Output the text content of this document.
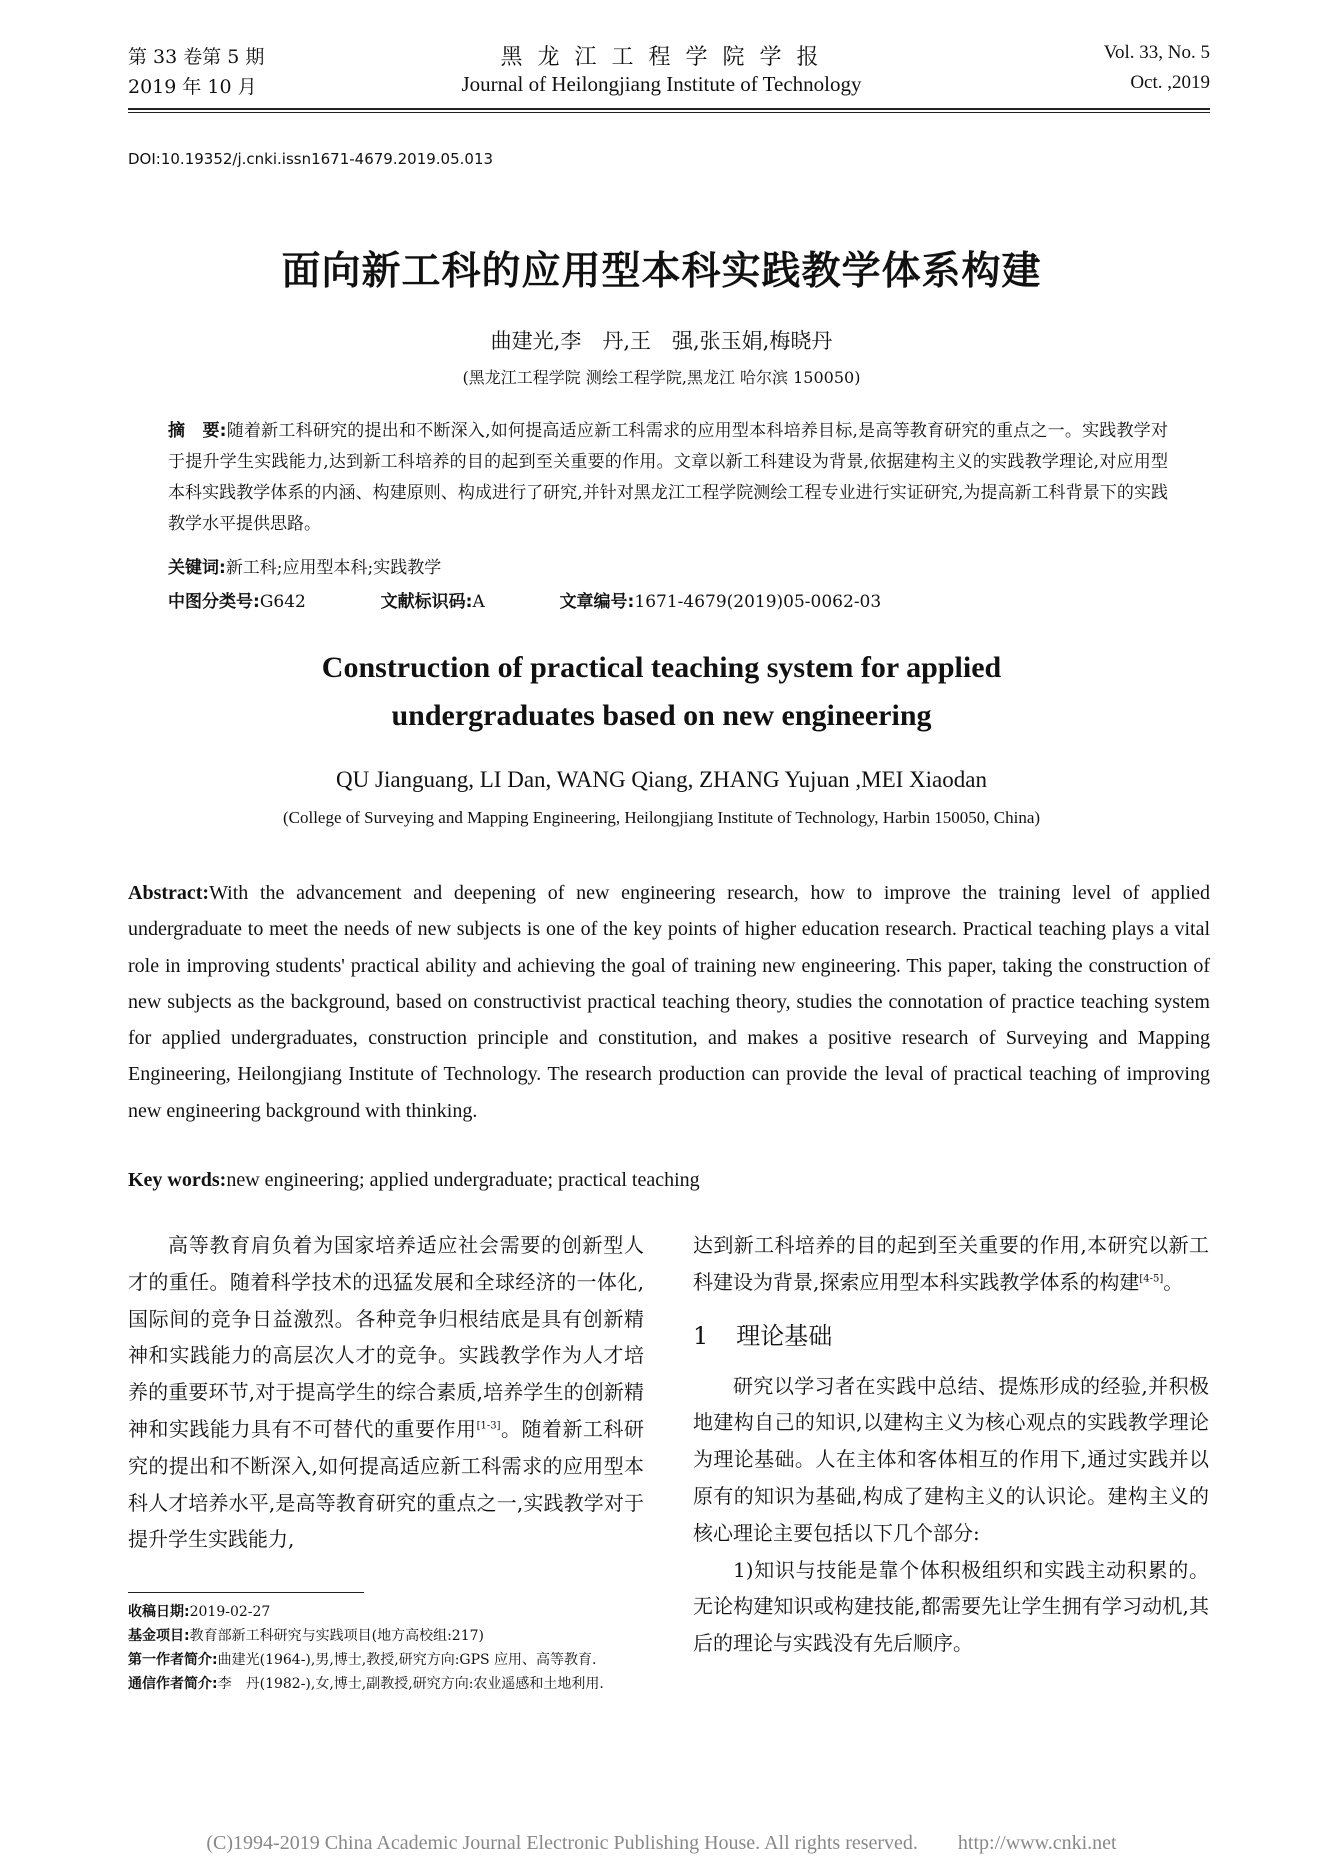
第 33 卷第 5 期
2019 年 10 月
黑 龙 江 工 程 学 院 学 报
Journal of Heilongjiang Institute of Technology
Vol. 33, No. 5
Oct. ,2019
DOI:10.19352/j.cnki.issn1671-4679.2019.05.013
面向新工科的应用型本科实践教学体系构建
曲建光,李　丹,王　强,张玉娟,梅晓丹
(黑龙江工程学院 测绘工程学院,黑龙江 哈尔滨 150050)
摘　要:随着新工科研究的提出和不断深入,如何提高适应新工科需求的应用型本科培养目标,是高等教育研究的重点之一。实践教学对于提升学生实践能力,达到新工科培养的目的起到至关重要的作用。文章以新工科建设为背景,依据建构主义的实践教学理论,对应用型本科实践教学体系的内涵、构建原则、构成进行了研究,并针对黑龙江工程学院测绘工程专业进行实证研究,为提高新工科背景下的实践教学水平提供思路。
关键词:新工科;应用型本科;实践教学
中图分类号:G642	文献标识码:A	文章编号:1671-4679(2019)05-0062-03
Construction of practical teaching system for applied
undergraduates based on new engineering
QU Jianguang, LI Dan, WANG Qiang, ZHANG Yujuan ,MEI Xiaodan
(College of Surveying and Mapping Engineering, Heilongjiang Institute of Technology, Harbin 150050, China)
Abstract:With the advancement and deepening of new engineering research, how to improve the training level of applied undergraduate to meet the needs of new subjects is one of the key points of higher education research. Practical teaching plays a vital role in improving students' practical ability and achieving the goal of training new engineering. This paper, taking the construction of new subjects as the background, based on constructivist practical teaching theory, studies the connotation of practice teaching system for applied undergraduates, construction principle and constitution, and makes a positive research of Surveying and Mapping Engineering, Heilongjiang Institute of Technology. The research production can provide the leval of practical teaching of improving new engineering background with thinking.
Key words:new engineering; applied undergraduate; practical teaching

高等教育肩负着为国家培养适应社会需要的创新型人才的重任。随着科学技术的迅猛发展和全球经济的一体化,国际间的竞争日益激烈。各种竞争归根结底是具有创新精神和实践能力的高层次人才的竞争。实践教学作为人才培养的重要环节,对于提高学生的综合素质,培养学生的创新精神和实践能力具有不可替代的重要作用[1-3]。随着新工科研究的提出和不断深入,如何提高适应新工科需求的应用型本科人才培养水平,是高等教育研究的重点之一,实践教学对于提升学生实践能力,

达到新工科培养的目的起到至关重要的作用,本研究以新工科建设为背景,探索应用型本科实践教学体系的构建[4-5]。

1 理论基础

研究以学习者在实践中总结、提炼形成的经验,并积极地建构自己的知识,以建构主义为核心观点的实践教学理论为理论基础。人在主体和客体相互的作用下,通过实践并以原有的知识为基础,构成了建构主义的认识论。建构主义的核心理论主要包括以下几个部分:

1)知识与技能是靠个体积极组织和实践主动积累的。无论构建知识或构建技能,都需要先让学生拥有学习动机,其后的理论与实践没有先后顺序。

收稿日期:2019-02-27
基金项目:教育部新工科研究与实践项目(地方高校组:217)
第一作者简介:曲建光(1964-),男,博士,教授,研究方向:GPS 应用、高等教育.
通信作者简介:李　丹(1982-),女,博士,副教授,研究方向:农业遥感和土地利用.
(C)1994-2019 China Academic Journal Electronic Publishing House. All rights reserved.　　http://www.cnki.net
